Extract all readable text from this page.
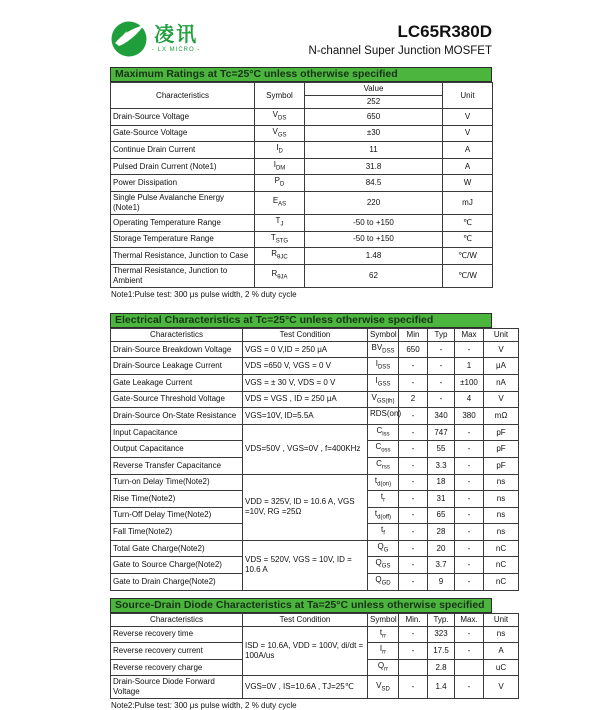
凌讯
- LX MICRO -
LC65R380D
N-channel Super Junction MOSFET
Maximum Ratings at Tc=25°C unless otherwise specified
Characteristics	Symbol	Value	Unit
		252	
Drain-Source Voltage	$V_{DS}$	650	V
Gate-Source Voltage	$V_{GS}$	±30	V
Continue Drain Current	$I_D$	11	A
Pulsed Drain Current (Note1)	$I_{DM}$	31.8	A
Power Dissipation	$P_D$	84.5	W
Single Pulse Avalanche Energy (Note1)	$E_{AS}$	220	mJ
Operating Temperature Range	$T_J$	-50 to +150	℃
Storage Temperature Range	$T_{STG}$	-50 to +150	℃
Thermal Resistance, Junction to Case	$R_{\theta JC}$	1.48	℃/W
Thermal Resistance, Junction to Ambient	$R_{\theta JA}$	62	℃/W
Note1:Pulse test: 300 μs pulse width, 2 % duty cycle
Electrical Characteristics at Tc=25°C unless otherwise specified
Characteristics	Test Condition	Symbol	Min	Typ	Max	Unit
Drain-Source Breakdown Voltage	VGS = 0 V,ID = 250 μA	$BV_{DSS}$	650	-	-	V
Drain-Source Leakage Current	VDS =650 V, VGS = 0 V	$I_{DSS}$	-	-	1	μA
Gate Leakage Current	VGS = ± 30 V, VDS = 0 V	$I_{GSS}$	-	-	±100	nA
Gate-Source Threshold Voltage	VDS = VGS , ID = 250 μA	$V_{GS(th)}$	2	-	4	V
Drain-Source On-State Resistance	VGS=10V, ID=5.5A	RDS(on)	-	340	380	mΩ
Input Capacitance	VDS=50V , VGS=0V , f=400KHz	$C_{iss}$	-	747	-	pF
Output Capacitance		$C_{oss}$	-	55	-	pF
Reverse Transfer Capacitance		$C_{rss}$	-	3.3	-	pF
Turn-on Delay Time(Note2)	VDD = 325V, ID = 10.6 A, VGS =10V, RG =25Ω	$t_{d(on)}$	-	18	-	ns
Rise Time(Note2)		$t_r$	-	31	-	ns
Turn-Off Delay Time(Note2)		$t_{d(off)}$	-	65	-	ns
Fall Time(Note2)		$t_f$	-	28	-	ns
Total Gate Charge(Note2)	VDS = 520V, VGS = 10V, ID = 10.6 A	$Q_G$	-	20	-	nC
Gate to Source Charge(Note2)		$Q_{GS}$	-	3.7	-	nC
Gate to Drain Charge(Note2)		$Q_{GD}$	-	9	-	nC
Source-Drain Diode Characteristics at Ta=25°C unless otherwise specified
Characteristics	Test Condition	Symbol	Min.	Typ.	Max.	Unit
Reverse recovery time	ISD = 10.6A, VDD = 100V, di/dt = 100A/us	$t_{rr}$	-	323	-	ns
Reverse recovery current		$I_{rr}$	-	17.5	-	A
Reverse recovery charge		$Q_{rr}$		2.8		uC
Drain-Source Diode Forward Voltage	VGS=0V , IS=10.6A , TJ=25℃	$V_{SD}$	-	1.4	-	V
Note2:Pulse test: 300 μs pulse width, 2 % duty cycle
